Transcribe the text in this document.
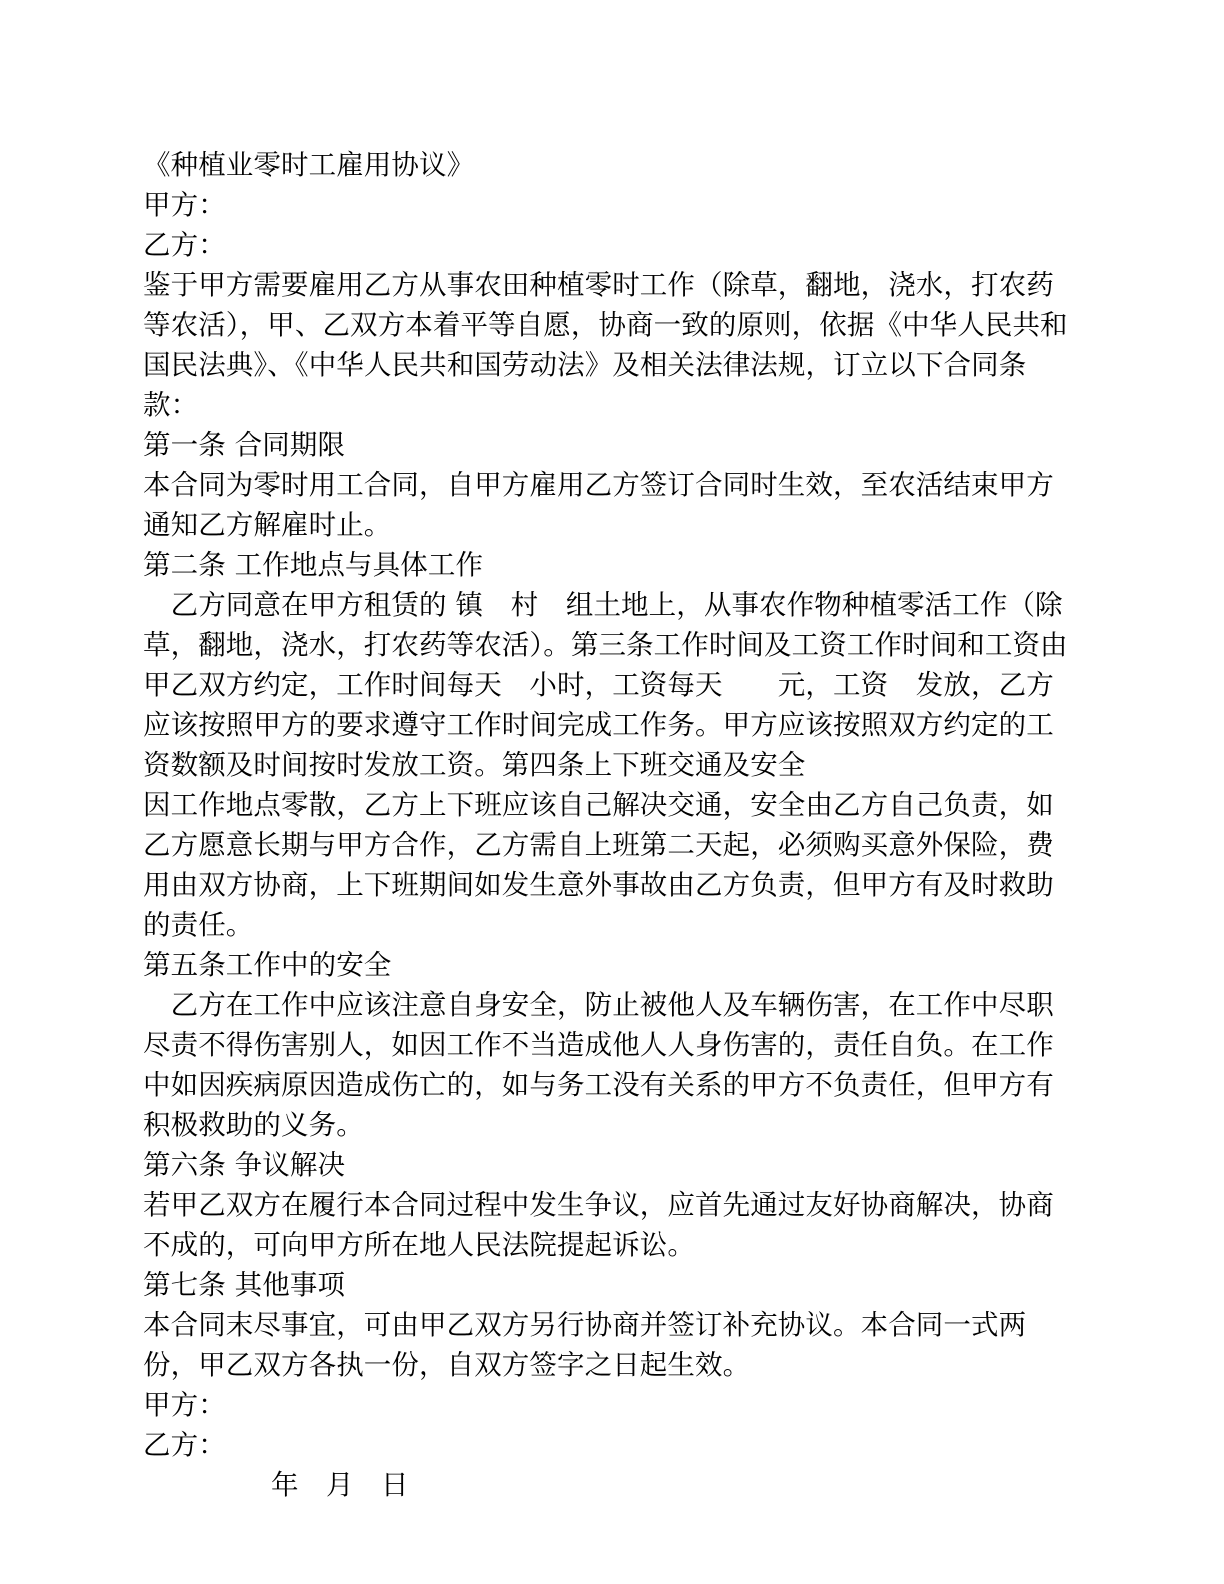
《种植业零时工雇用协议》

甲方：

乙方：

鉴于甲方需要雇用乙方从事农田种植零时工作（除草，翻地，浇水，打农药等农活），甲、乙双方本着平等自愿，协商一致的原则，依据《中华人民共和国民法典》、《中华人民共和国劳动法》及相关法律法规，订立以下合同条款：

第一条 合同期限

本合同为零时用工合同，自甲方雇用乙方签订合同时生效，至农活结束甲方通知乙方解雇时止。

第二条 工作地点与具体工作

　乙方同意在甲方租赁的 镇　村　组土地上，从事农作物种植零活工作（除草，翻地，浇水，打农药等农活）。第三条工作时间及工资工作时间和工资由甲乙双方约定，工作时间每天　小时，工资每天　　元，工资　发放，乙方应该按照甲方的要求遵守工作时间完成工作务。甲方应该按照双方约定的工资数额及时间按时发放工资。第四条上下班交通及安全

因工作地点零散，乙方上下班应该自己解决交通，安全由乙方自己负责，如乙方愿意长期与甲方合作，乙方需自上班第二天起，必须购买意外保险，费用由双方协商，上下班期间如发生意外事故由乙方负责，但甲方有及时救助的责任。

第五条工作中的安全

　乙方在工作中应该注意自身安全，防止被他人及车辆伤害，在工作中尽职尽责不得伤害别人，如因工作不当造成他人人身伤害的，责任自负。在工作中如因疾病原因造成伤亡的，如与务工没有关系的甲方不负责任，但甲方有积极救助的义务。

第六条 争议解决

若甲乙双方在履行本合同过程中发生争议，应首先通过友好协商解决，协商不成的，可向甲方所在地人民法院提起诉讼。

第七条 其他事项

本合同末尽事宜，可由甲乙双方另行协商并签订补充协议。本合同一式两份，甲乙双方各执一份，自双方签字之日起生效。

甲方：

乙方：

年　月　日
